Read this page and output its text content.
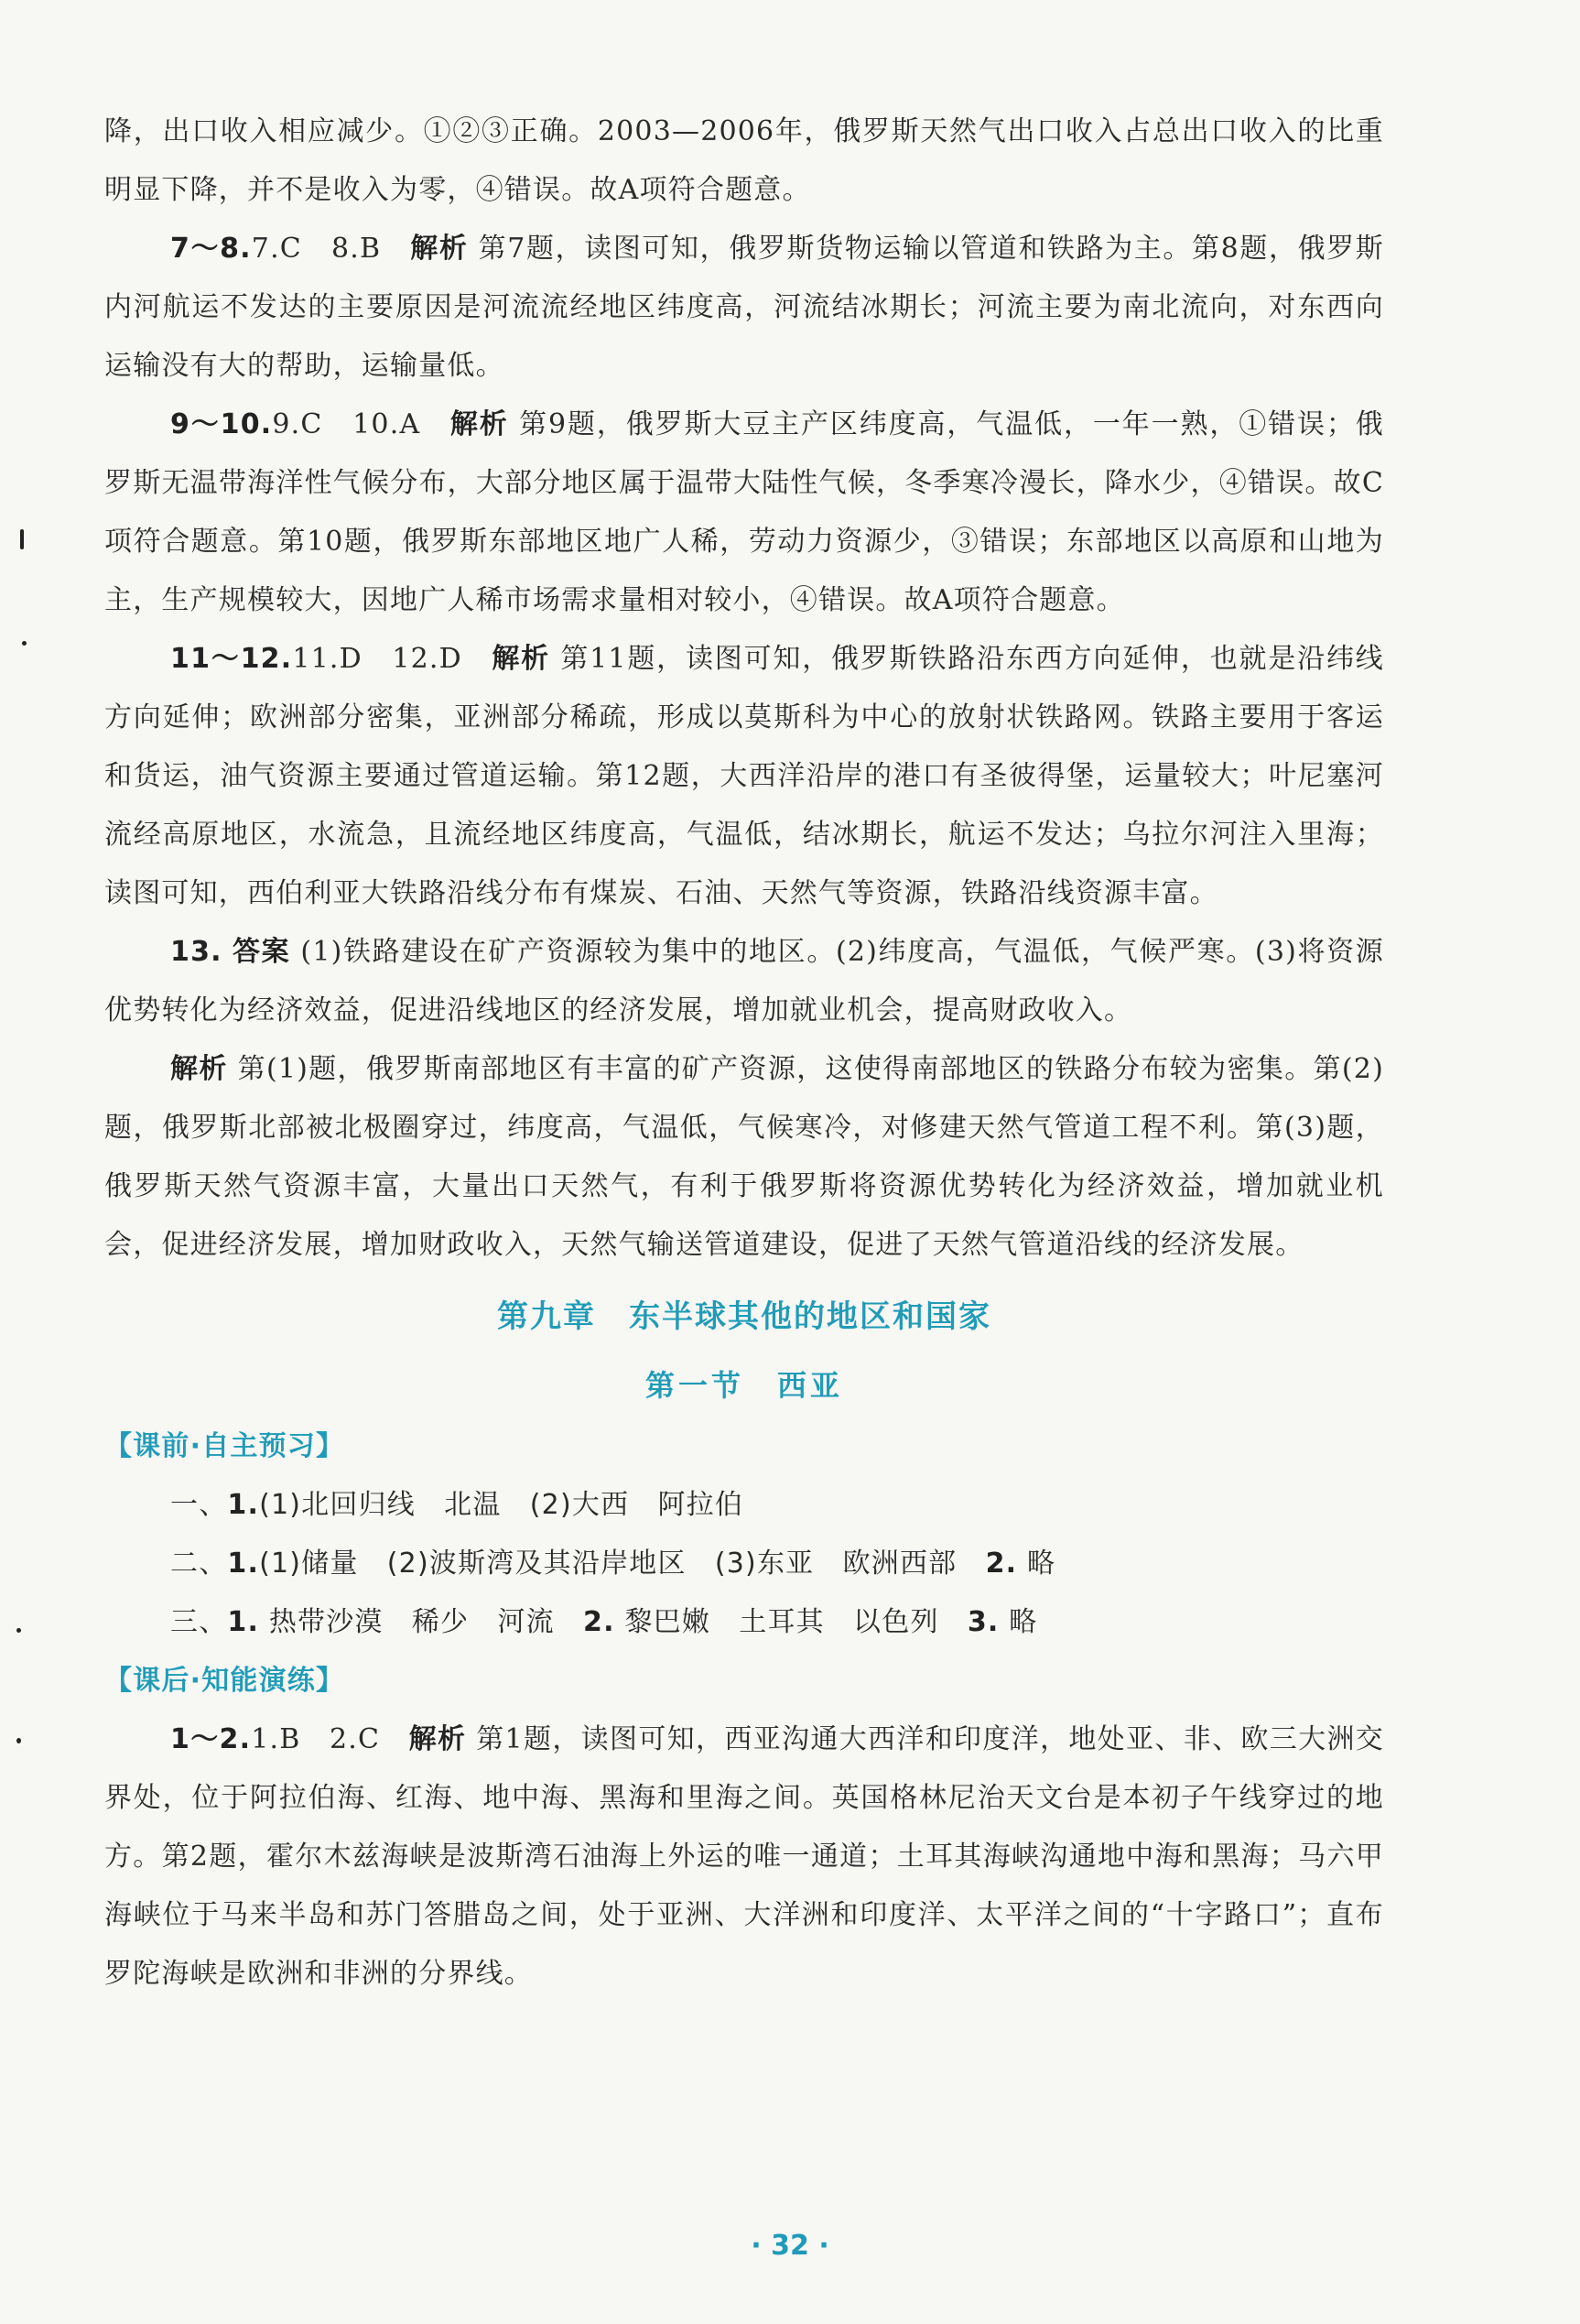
降，出口收入相应减少。①②③正确。2003—2006年，俄罗斯天然气出口收入占总出口收入的比重明显下降，并不是收入为零，④错误。故A项符合题意。

7～8.7.C　8.B　 解析 第7题，读图可知，俄罗斯货物运输以管道和铁路为主。第8题，俄罗斯内河航运不发达的主要原因是河流流经地区纬度高，河流结冰期长；河流主要为南北流向，对东西向运输没有大的帮助，运输量低。

9～10.9.C　10.A　 解析 第9题，俄罗斯大豆主产区纬度高，气温低，一年一熟，①错误；俄罗斯无温带海洋性气候分布，大部分地区属于温带大陆性气候，冬季寒冷漫长，降水少，④错误。故C项符合题意。第10题，俄罗斯东部地区地广人稀，劳动力资源少，③错误；东部地区以高原和山地为主，生产规模较大，因地广人稀市场需求量相对较小，④错误。故A项符合题意。

11～12.11.D　12.D　 解析 第11题，读图可知，俄罗斯铁路沿东西方向延伸，也就是沿纬线方向延伸；欧洲部分密集，亚洲部分稀疏，形成以莫斯科为中心的放射状铁路网。铁路主要用于客运和货运，油气资源主要通过管道运输。第12题，大西洋沿岸的港口有圣彼得堡，运量较大；叶尼塞河流经高原地区，水流急，且流经地区纬度高，气温低，结冰期长，航运不发达；乌拉尔河注入里海；读图可知，西伯利亚大铁路沿线分布有煤炭、石油、天然气等资源，铁路沿线资源丰富。

13. 答案 (1)铁路建设在矿产资源较为集中的地区。(2)纬度高，气温低，气候严寒。(3)将资源优势转化为经济效益，促进沿线地区的经济发展，增加就业机会，提高财政收入。

解析 第(1)题，俄罗斯南部地区有丰富的矿产资源，这使得南部地区的铁路分布较为密集。第(2)题，俄罗斯北部被北极圈穿过，纬度高，气温低，气候寒冷，对修建天然气管道工程不利。第(3)题，俄罗斯天然气资源丰富，大量出口天然气，有利于俄罗斯将资源优势转化为经济效益，增加就业机会，促进经济发展，增加财政收入，天然气输送管道建设，促进了天然气管道沿线的经济发展。

第九章　东半球其他的地区和国家
第一节　西亚
【课前·自主预习】

一、1.(1)北回归线　北温　(2)大西　阿拉伯

二、1.(1)储量　(2)波斯湾及其沿岸地区　(3)东亚　欧洲西部　2. 略

三、1. 热带沙漠　稀少　河流　2. 黎巴嫩　土耳其　以色列　3. 略

【课后·知能演练】

1～2.1.B　2.C　 解析 第1题，读图可知，西亚沟通大西洋和印度洋，地处亚、非、欧三大洲交界处，位于阿拉伯海、红海、地中海、黑海和里海之间。英国格林尼治天文台是本初子午线穿过的地方。第2题，霍尔木兹海峡是波斯湾石油海上外运的唯一通道；土耳其海峡沟通地中海和黑海；马六甲海峡位于马来半岛和苏门答腊岛之间，处于亚洲、大洋洲和印度洋、太平洋之间的“十字路口”；直布罗陀海峡是欧洲和非洲的分界线。

· 32 ·
